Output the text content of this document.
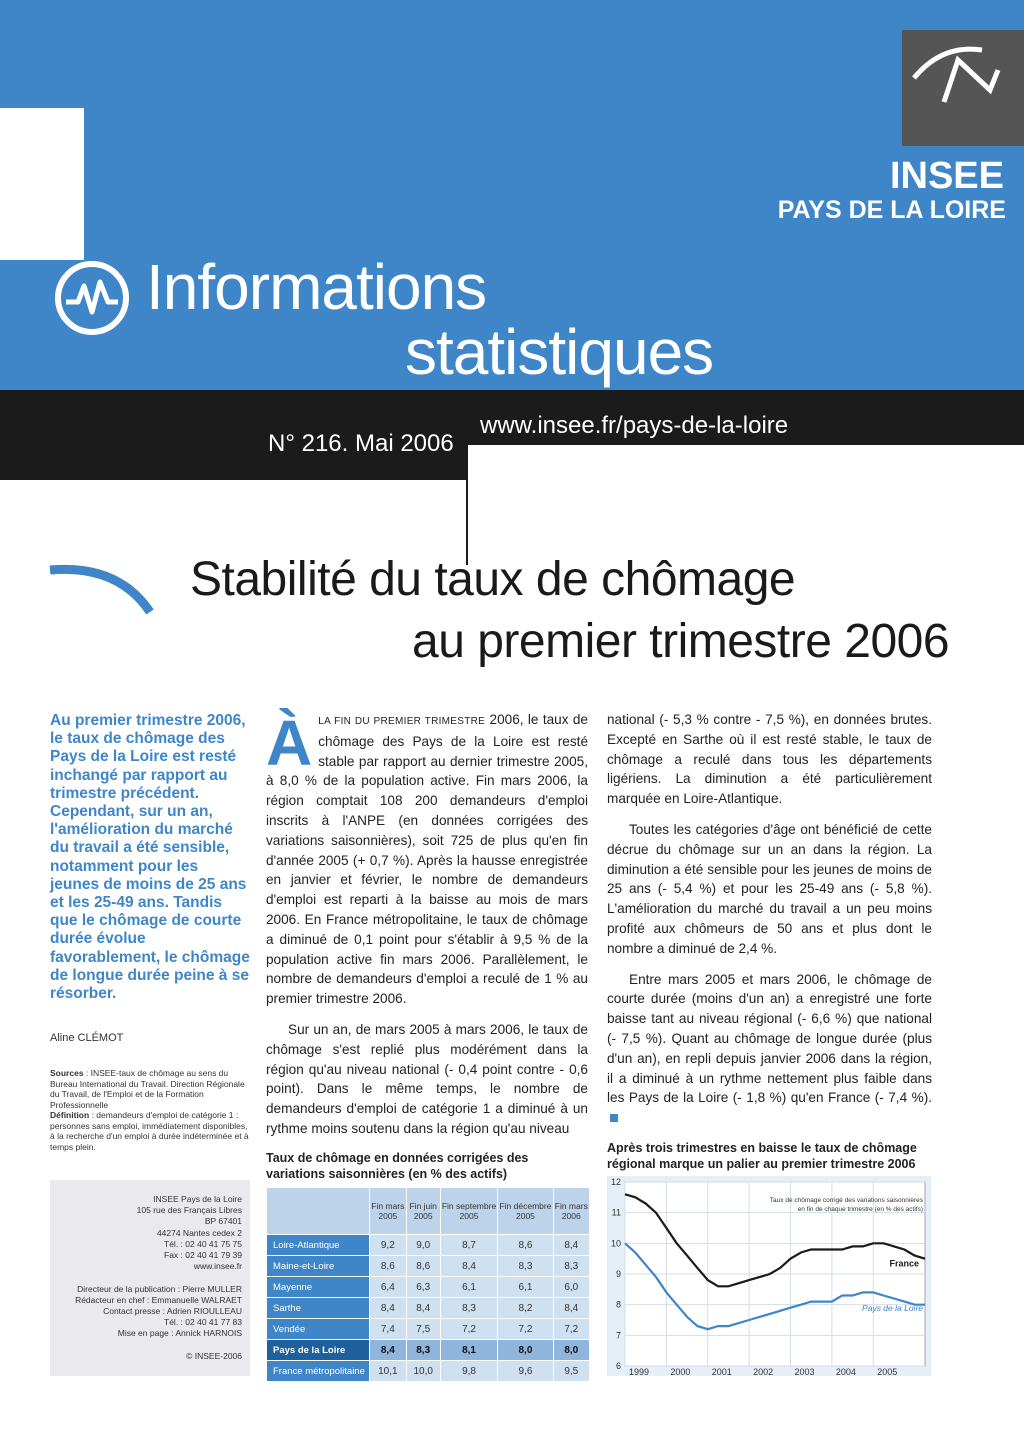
INSEE
PAYS DE LA LOIRE
Informations
statistiques
N° 216. Mai 2006
www.insee.fr/pays-de-la-loire
Stabilité du taux de chômage
au premier trimestre 2006
Au premier trimestre 2006, le taux de chômage des Pays de la Loire est resté inchangé par rapport au trimestre précédent. Cependant, sur un an, l'amélioration du marché du travail a été sensible, notamment pour les jeunes de moins de 25 ans et les 25-49 ans. Tandis que le chômage de courte durée évolue favorablement, le chômage de longue durée peine à se résorber.
Aline CLÉMOT
Sources : INSEE-taux de chômage au sens du Bureau International du Travail. Direction Régionale du Travail, de l'Emploi et de la Formation Professionnelle
Définition : demandeurs d'emploi de catégorie 1 : personnes sans emploi, immédiatement disponibles, à la recherche d'un emploi à durée indéterminée et à temps plein.
INSEE Pays de la Loire
105 rue des Français Libres
BP 67401
44274 Nantes cedex 2
Tél. : 02 40 41 75 75
Fax : 02 40 41 79 39
www.insee.fr

Directeur de la publication : Pierre MULLER
Rédacteur en chef : Emmanuelle WALRAET
Contact presse : Adrien RIOULLEAU
Tél. : 02 40 41 77 83
Mise en page : Annick HARNOIS

© INSEE-2006

ÀLA FIN DU PREMIER TRIMESTRE 2006, le taux de chômage des Pays de la Loire est resté stable par rapport au dernier trimestre 2005, à 8,0 % de la population active. Fin mars 2006, la région comptait 108 200 demandeurs d'emploi inscrits à l'ANPE (en données corrigées des variations saisonnières), soit 725 de plus qu'en fin d'année 2005 (+ 0,7 %). Après la hausse enregistrée en janvier et février, le nombre de demandeurs d'emploi est reparti à la baisse au mois de mars 2006. En France métropolitaine, le taux de chômage a diminué de 0,1 point pour s'établir à 9,5 % de la population active fin mars 2006. Parallèlement, le nombre de demandeurs d'emploi a reculé de 1 % au premier trimestre 2006.

Sur un an, de mars 2005 à mars 2006, le taux de chômage s'est replié plus modérément dans la région qu'au niveau national (- 0,4 point contre - 0,6 point). Dans le même temps, le nombre de demandeurs d'emploi de catégorie 1 a diminué à un rythme moins soutenu dans la région qu'au niveau

national (- 5,3 % contre - 7,5 %), en données brutes. Excepté en Sarthe où il est resté stable, le taux de chômage a reculé dans tous les départements ligériens. La diminution a été particulièrement marquée en Loire-Atlantique.

Toutes les catégories d'âge ont bénéficié de cette décrue du chômage sur un an dans la région. La diminution a été sensible pour les jeunes de moins de 25 ans (- 5,4 %) et pour les 25-49 ans (- 5,8 %). L'amélioration du marché du travail a un peu moins profité aux chômeurs de 50 ans et plus dont le nombre a diminué de 2,4 %.

Entre mars 2005 et mars 2006, le chômage de courte durée (moins d'un an) a enregistré une forte baisse tant au niveau régional (- 6,6 %) que national (- 7,5 %). Quant au chômage de longue durée (plus d'un an), en repli depuis janvier 2006 dans la région, il a diminué à un rythme nettement plus faible dans les Pays de la Loire (- 1,8 %) qu'en France (- 7,4 %).

Taux de chômage en données corrigées des variations saisonnières (en % des actifs)
	Fin mars 2005	Fin juin 2005	Fin septembre 2005	Fin décembre 2005	Fin mars 2006
Loire-Atlantique	9,2	9,0	8,7	8,6	8,4
Maine-et-Loire	8,6	8,6	8,4	8,3	8,3
Mayenne	6,4	6,3	6,1	6,1	6,0
Sarthe	8,4	8,4	8,3	8,2	8,4
Vendée	7,4	7,5	7,2	7,2	7,2
Pays de la Loire	8,4	8,3	8,1	8,0	8,0
France métropolitaine	10,1	10,0	9,8	9,6	9,5
Après trois trimestres en baisse le taux de chômage régional marque un palier au premier trimestre 2006
6
7
8
9
10
11
12
1999 2000 2001 2002 2003 2004 2005
France
Pays de la Loire
Taux de chômage corrigé des variations saisonnières
en fin de chaque trimestre (en % des actifs)
